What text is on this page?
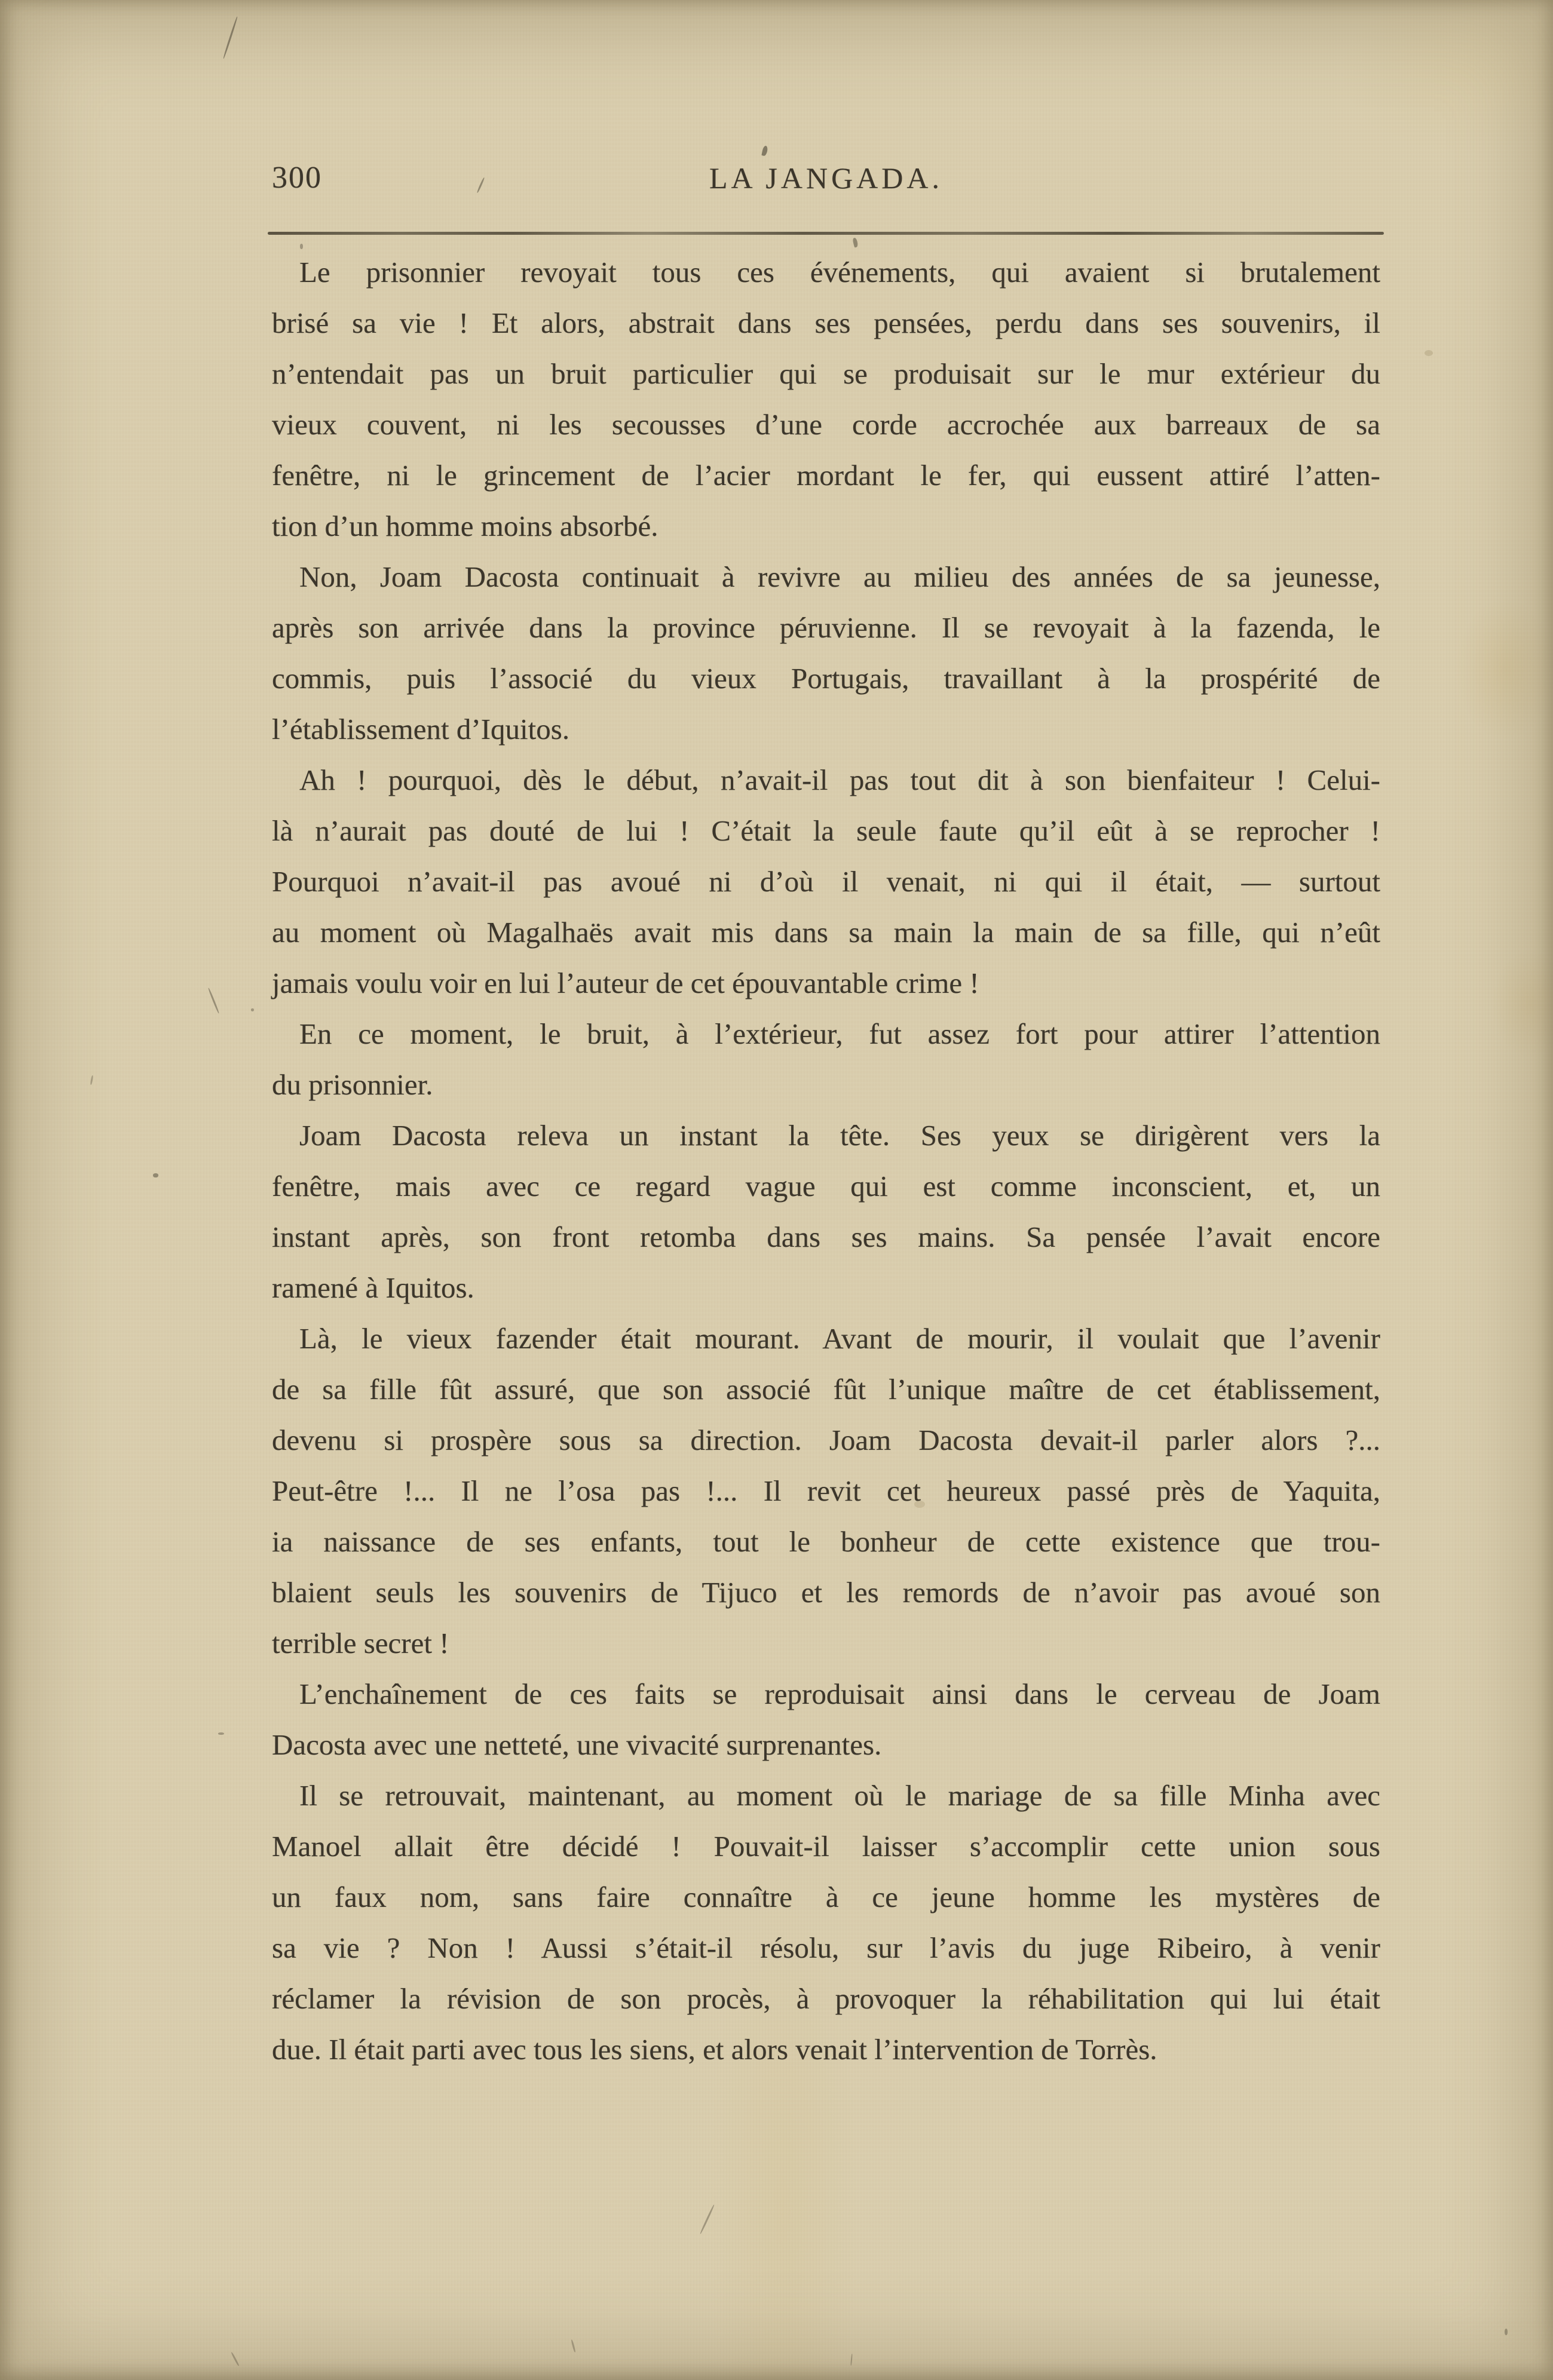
300	LA JANGADA.
Le prisonnier revoyait tous ces événements, qui avaient si brutalement
brisé sa vie ! Et alors, abstrait dans ses pensées, perdu dans ses souvenirs, il
n’entendait pas un bruit particulier qui se produisait sur le mur extérieur du
vieux couvent, ni les secousses d’une corde accrochée aux barreaux de sa
fenêtre, ni le grincement de l’acier mordant le fer, qui eussent attiré l’atten-
tion d’un homme moins absorbé.
Non, Joam Dacosta continuait à revivre au milieu des années de sa jeunesse,
après son arrivée dans la province péruvienne. Il se revoyait à la fazenda, le
commis, puis l’associé du vieux Portugais, travaillant à la prospérité de
l’établissement d’Iquitos.
Ah ! pourquoi, dès le début, n’avait-il pas tout dit à son bienfaiteur ! Celui-
là n’aurait pas douté de lui ! C’était la seule faute qu’il eût à se reprocher !
Pourquoi n’avait-il pas avoué ni d’où il venait, ni qui il était, — surtout
au moment où Magalhaës avait mis dans sa main la main de sa fille, qui n’eût
jamais voulu voir en lui l’auteur de cet épouvantable crime !
En ce moment, le bruit, à l’extérieur, fut assez fort pour attirer l’attention
du prisonnier.
Joam Dacosta releva un instant la tête. Ses yeux se dirigèrent vers la
fenêtre, mais avec ce regard vague qui est comme inconscient, et, un
instant après, son front retomba dans ses mains. Sa pensée l’avait encore
ramené à Iquitos.
Là, le vieux fazender était mourant. Avant de mourir, il voulait que l’avenir
de sa fille fût assuré, que son associé fût l’unique maître de cet établissement,
devenu si prospère sous sa direction. Joam Dacosta devait-il parler alors ?...
Peut-être !... Il ne l’osa pas !... Il revit cet heureux passé près de Yaquita,
ia naissance de ses enfants, tout le bonheur de cette existence que trou-
blaient seuls les souvenirs de Tijuco et les remords de n’avoir pas avoué son
terrible secret !
L’enchaînement de ces faits se reproduisait ainsi dans le cerveau de Joam
Dacosta avec une netteté, une vivacité surprenantes.
Il se retrouvait, maintenant, au moment où le mariage de sa fille Minha avec
Manoel allait être décidé ! Pouvait-il laisser s’accomplir cette union sous
un faux nom, sans faire connaître à ce jeune homme les mystères de
sa vie ? Non ! Aussi s’était-il résolu, sur l’avis du juge Ribeiro, à venir
réclamer la révision de son procès, à provoquer la réhabilitation qui lui était
due. Il était parti avec tous les siens, et alors venait l’intervention de Torrès.
